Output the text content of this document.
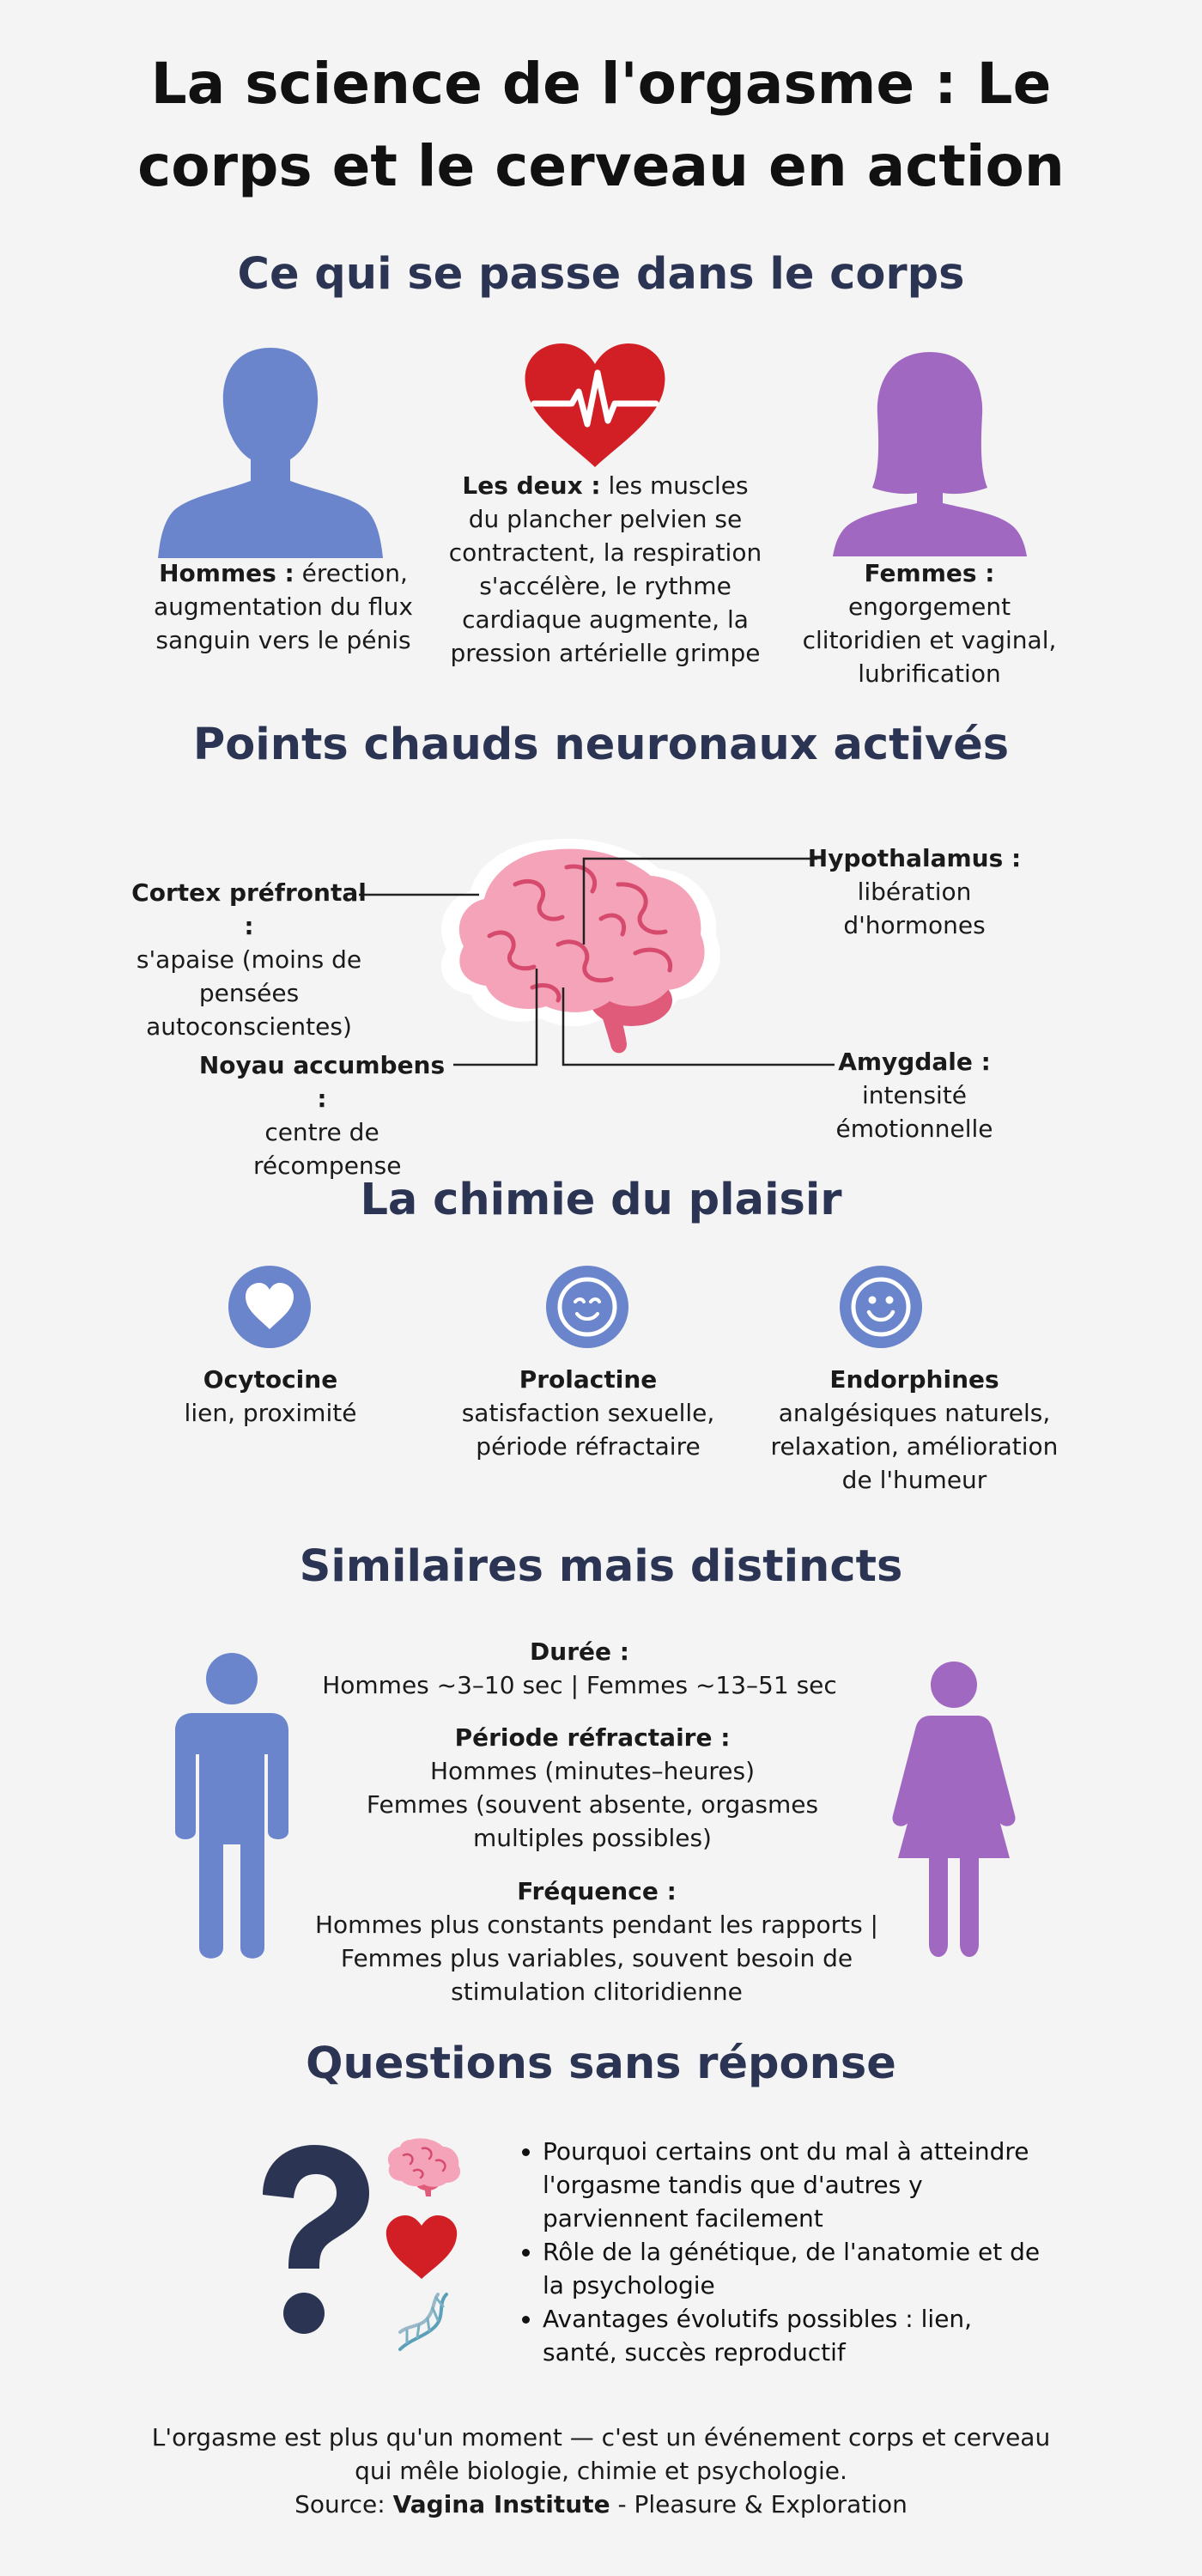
La science de l'orgasme : Le corps et le cerveau en action
Ce qui se passe dans le corps
Hommes : érection, augmentation du flux sanguin vers le pénis
Les deux : les muscles du plancher pelvien se contractent, la respiration s'accélère, le rythme cardiaque augmente, la pression artérielle grimpe
Femmes :
engorgement clitoridien et vaginal, lubrification
Points chauds neuronaux activés
Cortex préfrontal :
s'apaise (moins de pensées autoconscientes)
Hypothalamus :
libération d'hormones
Noyau accumbens :
centre de récompense
Amygdale :
intensité émotionnelle
La chimie du plaisir
Ocytocine
lien, proximité
Prolactine
satisfaction sexuelle, période réfractaire
Endorphines
analgésiques naturels, relaxation, amélioration de l'humeur
Similaires mais distincts
Durée :
Hommes ~3–10 sec | Femmes ~13–51 sec
Période réfractaire :
Hommes (minutes–heures)
Femmes (souvent absente, orgasmes multiples possibles)
Fréquence :
Hommes plus constants pendant les rapports | Femmes plus variables, souvent besoin de stimulation clitoridienne
Questions sans réponse
• Pourquoi certains ont du mal à atteindre l'orgasme tandis que d'autres y parviennent facilement
• Rôle de la génétique, de l'anatomie et de la psychologie
• Avantages évolutifs possibles : lien, santé, succès reproductif
L'orgasme est plus qu'un moment — c'est un événement corps et cerveau qui mêle biologie, chimie et psychologie.
Source: Vagina Institute - Pleasure & Exploration
